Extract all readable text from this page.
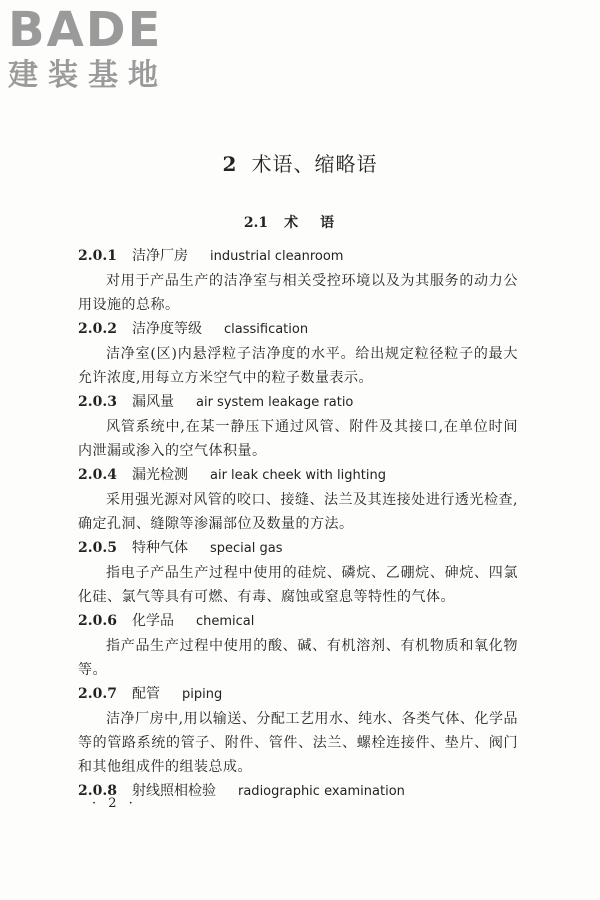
BADE
建装基地
2 术语、缩略语
2.1 术语
2.0.1 洁净厂房 industrial cleanroom
对用于产品生产的洁净室与相关受控环境以及为其服务的动力公用设施的总称。
2.0.2 洁净度等级 classification
洁净室(区)内悬浮粒子洁净度的水平。给出规定粒径粒子的最大允许浓度,用每立方米空气中的粒子数量表示。
2.0.3 漏风量 air system leakage ratio
风管系统中,在某一静压下通过风管、附件及其接口,在单位时间内泄漏或渗入的空气体积量。
2.0.4 漏光检测 air leak cheek with lighting
采用强光源对风管的咬口、接缝、法兰及其连接处进行透光检查,确定孔洞、缝隙等渗漏部位及数量的方法。
2.0.5 特种气体 special gas
指电子产品生产过程中使用的硅烷、磷烷、乙硼烷、砷烷、四氯化硅、氯气等具有可燃、有毒、腐蚀或窒息等特性的气体。
2.0.6 化学品 chemical
指产品生产过程中使用的酸、碱、有机溶剂、有机物质和氧化物等。
2.0.7 配管 piping
洁净厂房中,用以输送、分配工艺用水、纯水、各类气体、化学品等的管路系统的管子、附件、管件、法兰、螺栓连接件、垫片、阀门和其他组成件的组装总成。
2.0.8 射线照相检验 radiographic examination
· 2 ·
